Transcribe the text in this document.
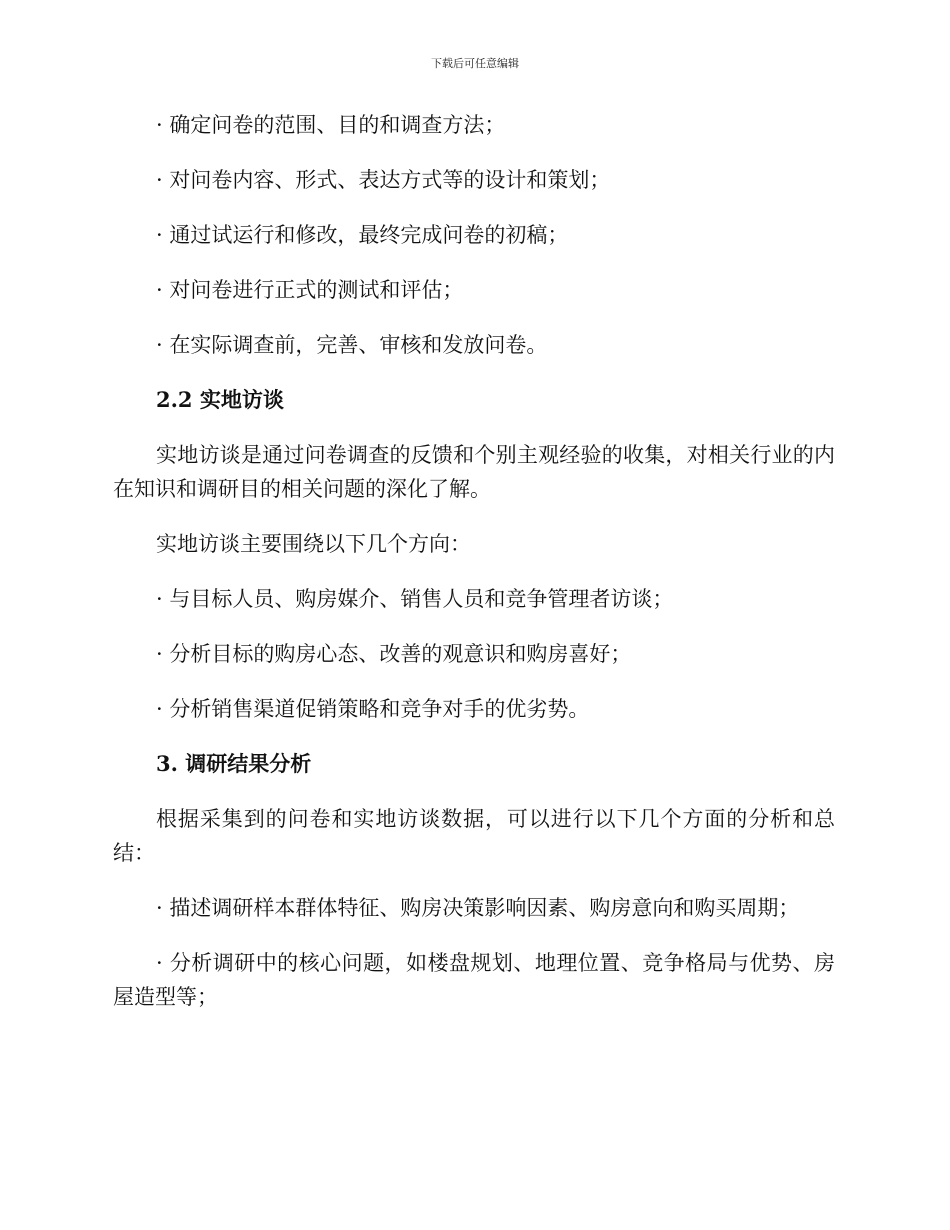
下载后可任意编辑

· 确定问卷的范围、目的和调查方法；

· 对问卷内容、形式、表达方式等的设计和策划；

· 通过试运行和修改，最终完成问卷的初稿；

· 对问卷进行正式的测试和评估；

· 在实际调查前，完善、审核和发放问卷。

2.2 实地访谈

实地访谈是通过问卷调查的反馈和个别主观经验的收集，对相关行业的内在知识和调研目的相关问题的深化了解。

实地访谈主要围绕以下几个方向：

· 与目标人员、购房媒介、销售人员和竞争管理者访谈；

· 分析目标的购房心态、改善的观意识和购房喜好；

· 分析销售渠道促销策略和竞争对手的优劣势。

3. 调研结果分析

根据采集到的问卷和实地访谈数据，可以进行以下几个方面的分析和总结：

· 描述调研样本群体特征、购房决策影响因素、购房意向和购买周期；

· 分析调研中的核心问题，如楼盘规划、地理位置、竞争格局与优势、房屋造型等；
